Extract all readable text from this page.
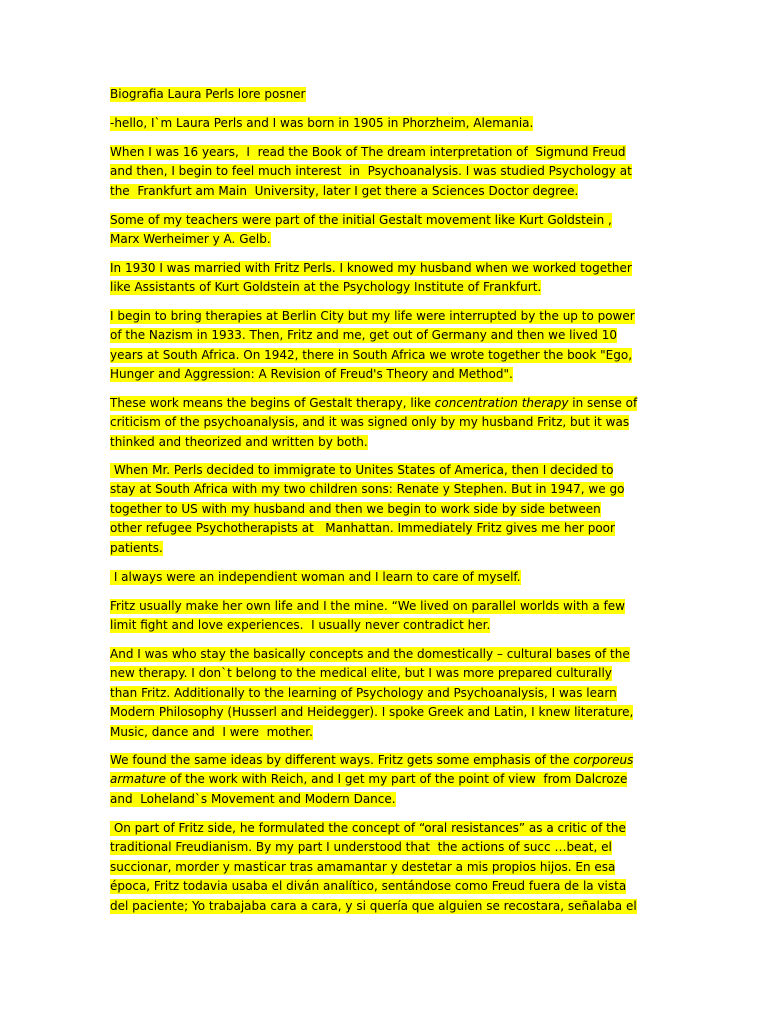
Biografia Laura Perls lore posner
-hello, I`m Laura Perls and I was born in 1905 in Phorzheim, Alemania.
When I was 16 years,  I  read the Book of The dream interpretation of  Sigmund Freud
and then, I begin to feel much interest  in  Psychoanalysis. I was studied Psychology at
the  Frankfurt am Main  University, later I get there a Sciences Doctor degree.
Some of my teachers were part of the initial Gestalt movement like Kurt Goldstein ,
Marx Werheimer y A. Gelb.
In 1930 I was married with Fritz Perls. I knowed my husband when we worked together
like Assistants of Kurt Goldstein at the Psychology Institute of Frankfurt.
I begin to bring therapies at Berlin City but my life were interrupted by the up to power
of the Nazism in 1933. Then, Fritz and me, get out of Germany and then we lived 10
years at South Africa. On 1942, there in South Africa we wrote together the book "Ego,
Hunger and Aggression: A Revision of Freud's Theory and Method".
These work means the begins of Gestalt therapy, like concentration therapy in sense of
criticism of the psychoanalysis, and it was signed only by my husband Fritz, but it was
thinked and theorized and written by both.
When Mr. Perls decided to immigrate to Unites States of America, then I decided to
stay at South Africa with my two children sons: Renate y Stephen. But in 1947, we go
together to US with my husband and then we begin to work side by side between
other refugee Psychotherapists at   Manhattan. Immediately Fritz gives me her poor
patients.
I always were an independient woman and I learn to care of myself.
Fritz usually make her own life and I the mine. “We lived on parallel worlds with a few
limit fight and love experiences.  I usually never contradict her.
And I was who stay the basically concepts and the domestically – cultural bases of the
new therapy. I don`t belong to the medical elite, but I was more prepared culturally
than Fritz. Additionally to the learning of Psychology and Psychoanalysis, I was learn
Modern Philosophy (Husserl and Heidegger). I spoke Greek and Latin, I knew literature,
Music, dance and  I were  mother.
We found the same ideas by different ways. Fritz gets some emphasis of the corporeus
armature of the work with Reich, and I get my part of the point of view  from Dalcroze
and  Loheland`s Movement and Modern Dance.
On part of Fritz side, he formulated the concept of “oral resistances” as a critic of the
traditional Freudianism. By my part I understood that  the actions of succ …beat, el
succionar, morder y masticar tras amamantar y destetar a mis propios hijos. En esa
época, Fritz todavia usaba el diván analítico, sentándose como Freud fuera de la vista
del paciente; Yo trabajaba cara a cara, y si quería que alguien se recostara, señalaba el
